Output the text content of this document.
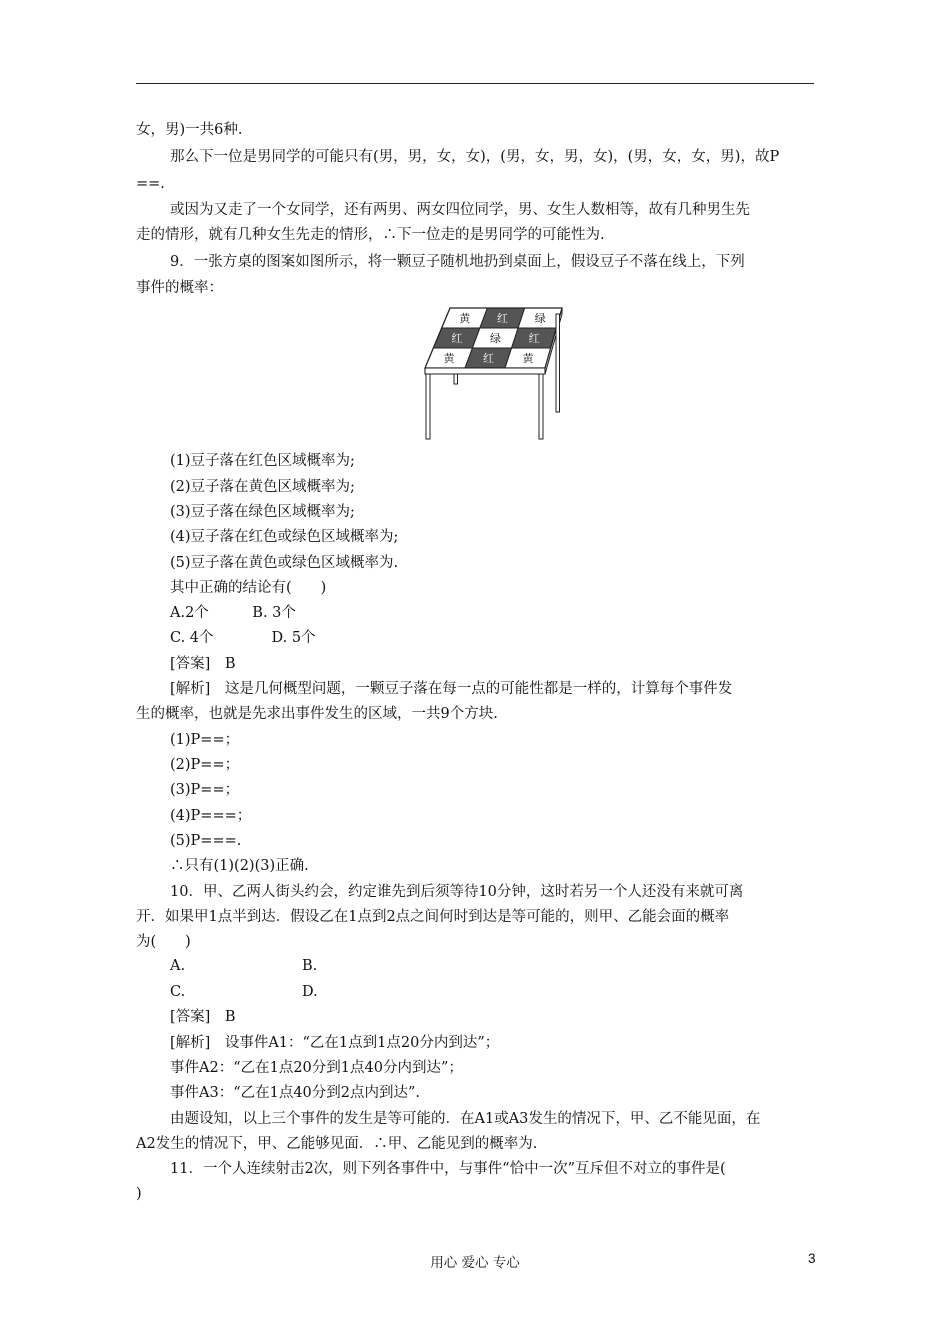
女，男)一共6种.
那么下一位是男同学的可能只有(男，男，女，女)，(男，女，男，女)，(男，女，女，男)，故P
==.
或因为又走了一个女同学，还有两男、两女四位同学，男、女生人数相等，故有几种男生先
走的情形，就有几种女生先走的情形，∴下一位走的是男同学的可能性为.
9．一张方桌的图案如图所示，将一颗豆子随机地扔到桌面上，假设豆子不落在线上，下列
事件的概率：
黄 红 绿
红	绿	红
黄	红	黄
(1)豆子落在红色区域概率为;
(2)豆子落在黄色区域概率为;
(3)豆子落在绿色区域概率为;
(4)豆子落在红色或绿色区域概率为;
(5)豆子落在黄色或绿色区域概率为.
其中正确的结论有(　　)
A.2个　　　B. 3个
C. 4个　　　　D. 5个
[答案]　B
[解析]　这是几何概型问题，一颗豆子落在每一点的可能性都是一样的，计算每个事件发
生的概率，也就是先求出事件发生的区域，一共9个方块.
(1)P==；
(2)P==；
(3)P==；
(4)P===；
(5)P===.
∴只有(1)(2)(3)正确.
10．甲、乙两人街头约会，约定谁先到后须等待10分钟，这时若另一个人还没有来就可离
开．如果甲1点半到达．假设乙在1点到2点之间何时到达是等可能的，则甲、乙能会面的概率
为(　　)
A.	B.
C.	D.
[答案]　B
[解析]　设事件A1：“乙在1点到1点20分内到达”；
事件A2：“乙在1点20分到1点40分内到达”；
事件A3：“乙在1点40分到2点内到达”.
由题设知，以上三个事件的发生是等可能的．在A1或A3发生的情况下，甲、乙不能见面，在
A2发生的情况下，甲、乙能够见面．∴甲、乙能见到的概率为.
11．一个人连续射击2次，则下列各事件中，与事件“恰中一次”互斥但不对立的事件是(
)
用心 爱心 专心	3
